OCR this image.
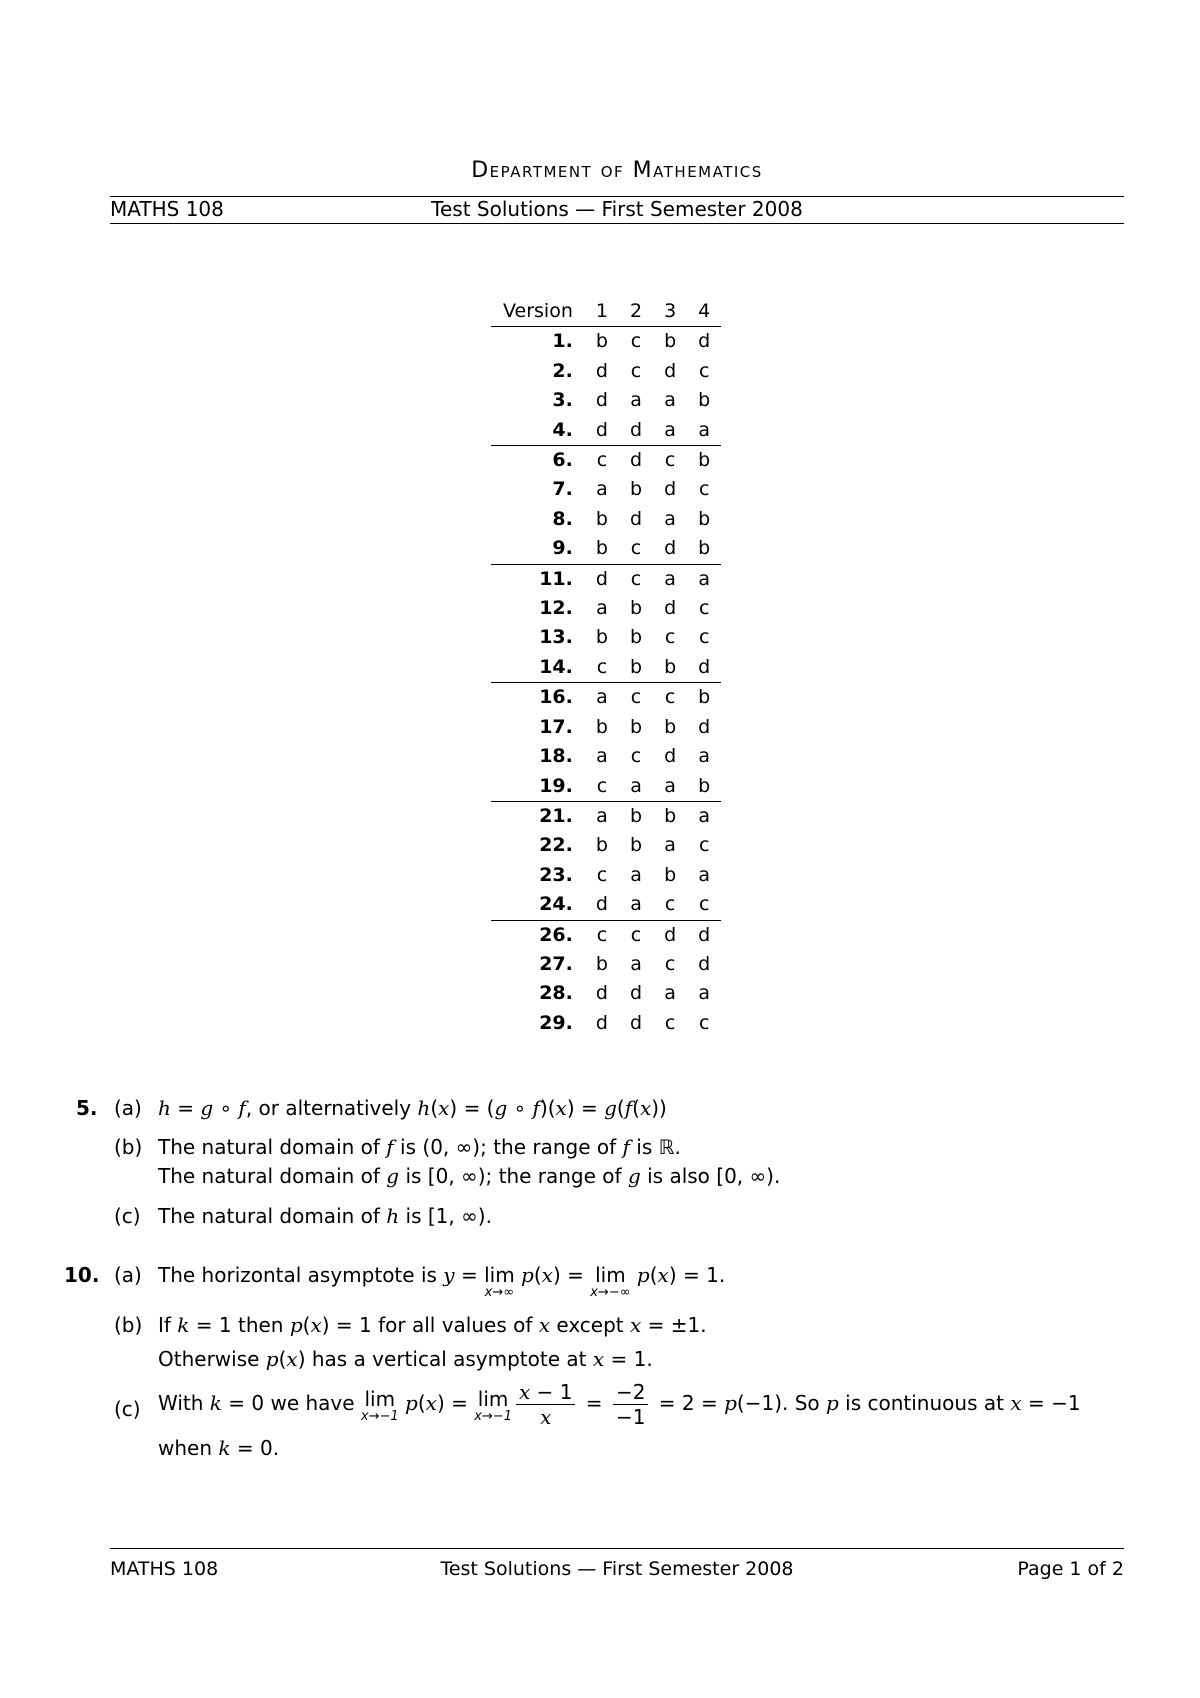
Department of Mathematics
MATHS 108	Test Solutions — First Semester 2008
Version	1	2	3	4
1.	b	c	b	d
2.	d	c	d	c
3.	d	a	a	b
4.	d	d	a	a
6.	c	d	c	b
7.	a	b	d	c
8.	b	d	a	b
9.	b	c	d	b
11.	d	c	a	a
12.	a	b	d	c
13.	b	b	c	c
14.	c	b	b	d
16.	a	c	c	b
17.	b	b	b	d
18.	a	c	d	a
19.	c	a	a	b
21.	a	b	b	a
22.	b	b	a	c
23.	c	a	b	a
24.	d	a	c	c
26.	c	c	d	d
27.	b	a	c	d
28.	d	d	a	a
29.	d	d	c	c
5. (a) h = g ∘ f, or alternatively h(x) = (g ∘ f)(x) = g(f(x))
(b) The natural domain of f is (0, ∞); the range of f is ℝ.
The natural domain of g is [0, ∞); the range of g is also [0, ∞).
(c) The natural domain of h is [1, ∞).
10. (a) The horizontal asymptote is y = lim
x→∞
p(x) = lim
x→−∞
p(x) = 1.
(b) If k = 1 then p(x) = 1 for all values of x except x = ±1.
Otherwise p(x) has a vertical asymptote at x = 1.
(c) With k = 0 we have lim
x→−1
p(x) = lim
$x\to-1 \frac{x - 1}{x} = \frac{-2}{-1} = 2 = p(-1)$. So p is continuous at x = −1
when k = 0.
MATHS 108	Test Solutions — First Semester 2008	Page 1 of 2
